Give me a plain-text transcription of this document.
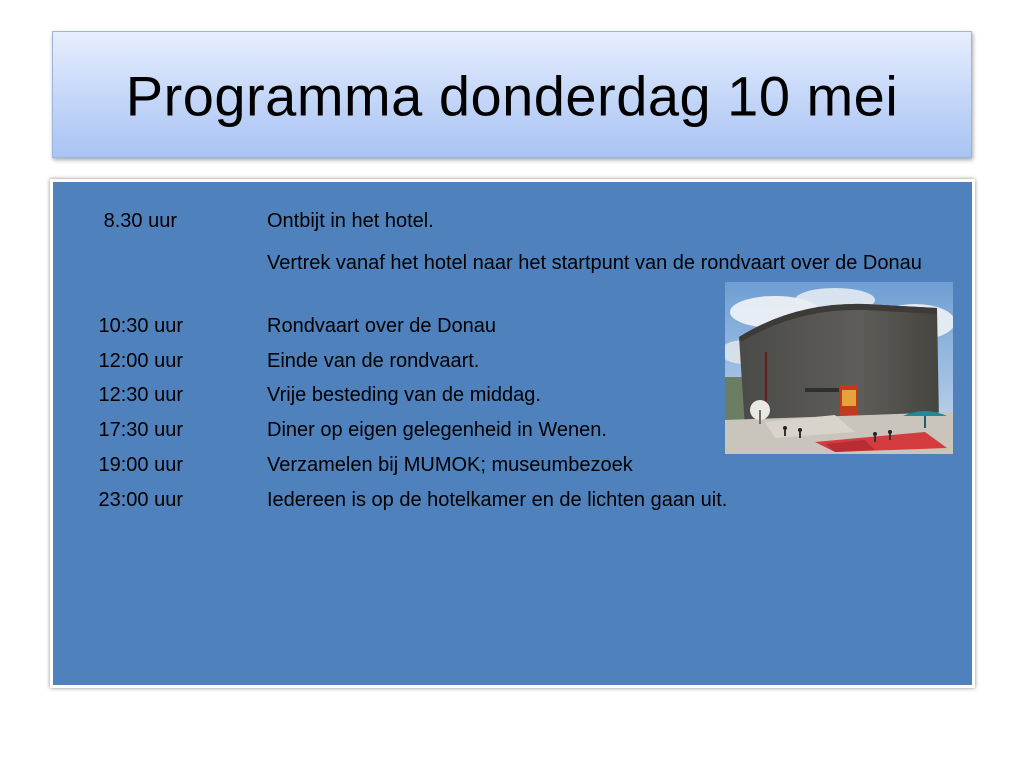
Programma donderdag 10 mei
8.30 uur	Ontbijt in het hotel.
Vertrek vanaf het hotel naar het startpunt van de rondvaart over de Donau
10:30 uur	Rondvaart over de Donau
12:00 uur	Einde van de rondvaart.
12:30 uur	Vrije besteding van de middag.
17:30 uur	Diner op eigen gelegenheid in Wenen.
19:00 uur	Verzamelen bij MUMOK; museumbezoek
23:00 uur	Iedereen is op de hotelkamer en de lichten gaan uit.
